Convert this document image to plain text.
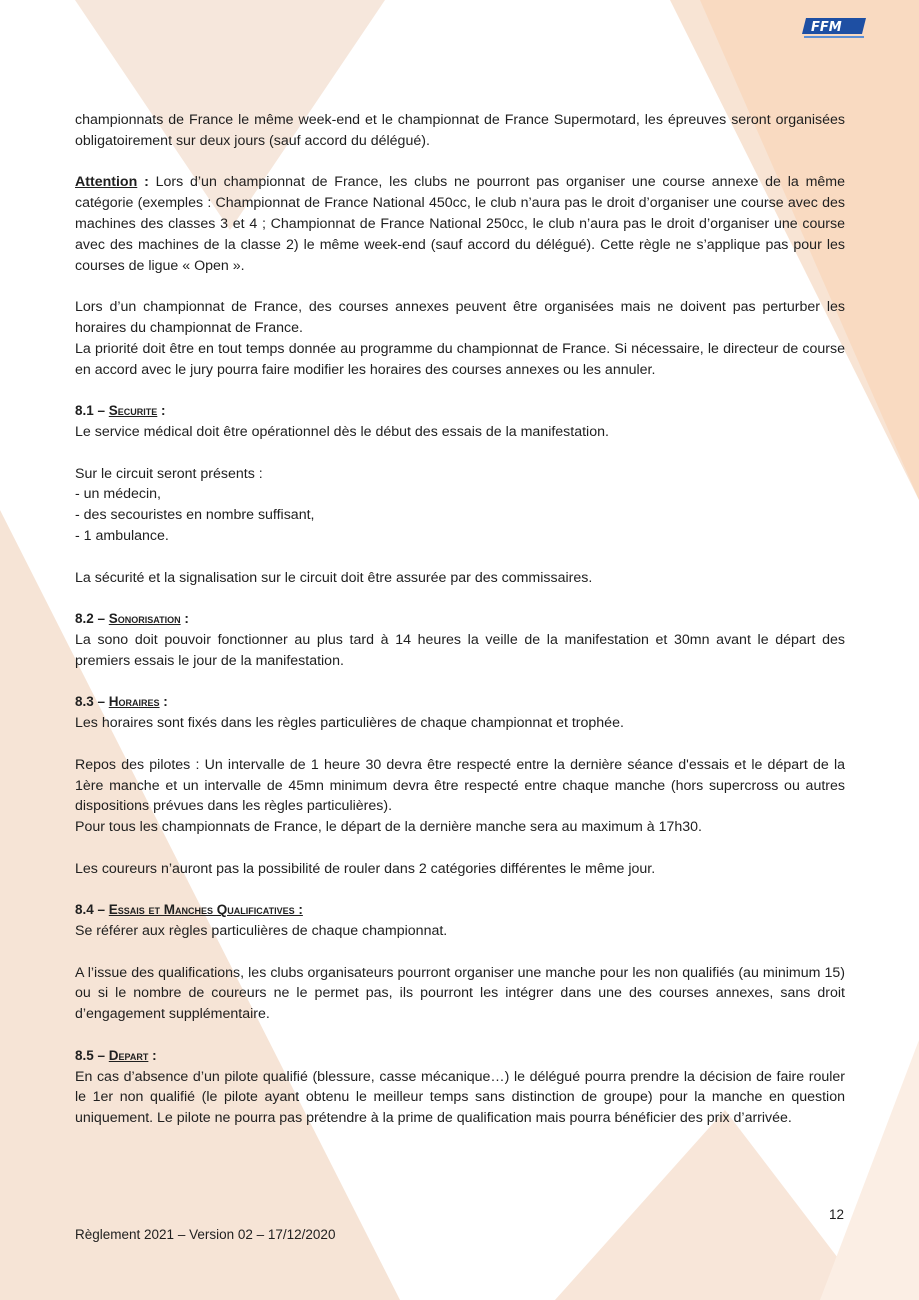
FFM

championnats de France le même week-end et le championnat de France Supermotard, les épreuves seront organisées obligatoirement sur deux jours (sauf accord du délégué).

Attention : Lors d’un championnat de France, les clubs ne pourront pas organiser une course annexe de la même catégorie (exemples : Championnat de France National 450cc, le club n’aura pas le droit d’organiser une course avec des machines des classes 3 et 4 ; Championnat de France National 250cc, le club n’aura pas le droit d’organiser une course avec des machines de la classe 2) le même week-end (sauf accord du délégué). Cette règle ne s’applique pas pour les courses de ligue « Open ».

Lors d’un championnat de France, des courses annexes peuvent être organisées mais ne doivent pas perturber les horaires du championnat de France.

La priorité doit être en tout temps donnée au programme du championnat de France. Si nécessaire, le directeur de course en accord avec le jury pourra faire modifier les horaires des courses annexes ou les annuler.

8.1 – Securite :

Le service médical doit être opérationnel dès le début des essais de la manifestation.

Sur le circuit seront présents :

- un médecin,
- des secouristes en nombre suffisant,
- 1 ambulance.

La sécurité et la signalisation sur le circuit doit être assurée par des commissaires.

8.2 – Sonorisation :

La sono doit pouvoir fonctionner au plus tard à 14 heures la veille de la manifestation et 30mn avant le départ des premiers essais le jour de la manifestation.

8.3 – Horaires :

Les horaires sont fixés dans les règles particulières de chaque championnat et trophée.

Repos des pilotes : Un intervalle de 1 heure 30 devra être respecté entre la dernière séance d'essais et le départ de la 1ère manche et un intervalle de 45mn minimum devra être respecté entre chaque manche (hors supercross ou autres dispositions prévues dans les règles particulières).

Pour tous les championnats de France, le départ de la dernière manche sera au maximum à 17h30.

Les coureurs n’auront pas la possibilité de rouler dans 2 catégories différentes le même jour.

8.4 – Essais et Manches Qualificatives :

Se référer aux règles particulières de chaque championnat.

A l’issue des qualifications, les clubs organisateurs pourront organiser une manche pour les non qualifiés (au minimum 15) ou si le nombre de coureurs ne le permet pas, ils pourront les intégrer dans une des courses annexes, sans droit d’engagement supplémentaire.

8.5 – Depart :

En cas d’absence d’un pilote qualifié (blessure, casse mécanique…) le délégué pourra prendre la décision de faire rouler le 1er non qualifié (le pilote ayant obtenu le meilleur temps sans distinction de groupe) pour la manche en question uniquement. Le pilote ne pourra pas prétendre à la prime de qualification mais pourra bénéficier des prix d’arrivée.

12
Règlement 2021 – Version 02 – 17/12/2020
